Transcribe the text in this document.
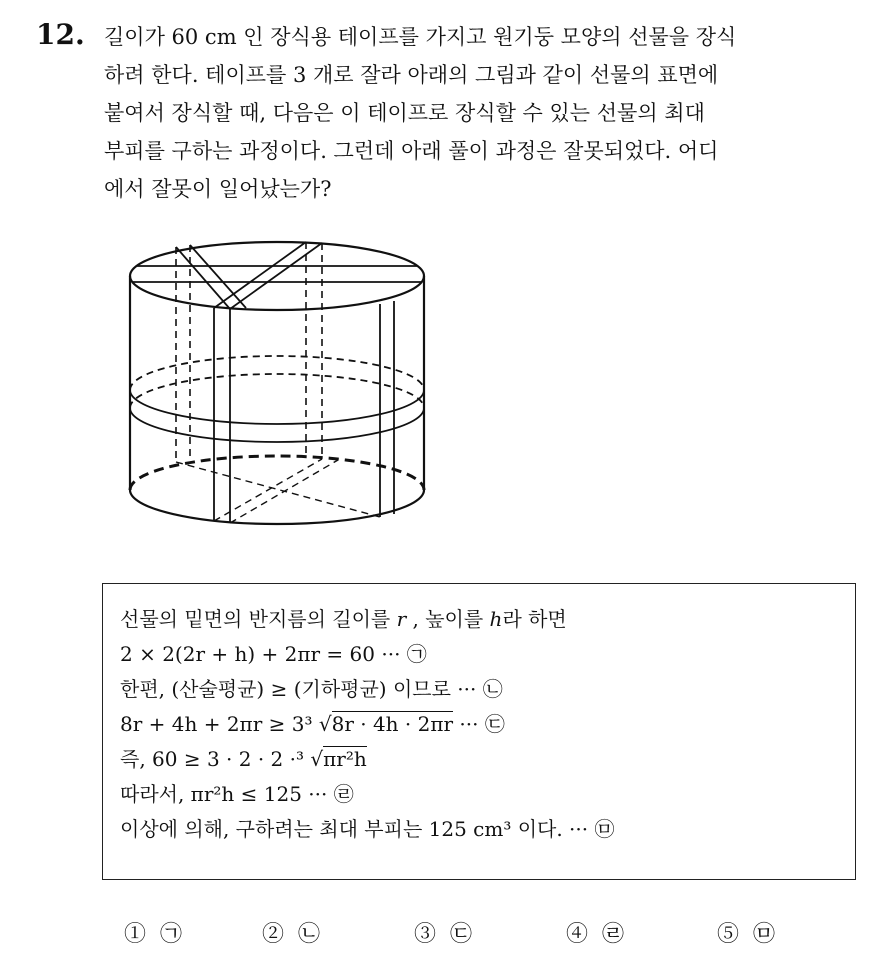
12. 길이가 60 cm 인 장식용 테이프를 가지고 원기둥 모양의 선물을 장식
하려 한다. 테이프를 3 개로 잘라 아래의 그림과 같이 선물의 표면에
붙여서 장식할 때, 다음은 이 테이프로 장식할 수 있는 선물의 최대
부피를 구하는 과정이다. 그런데 아래 풀이 과정은 잘못되었다. 어디
에서 잘못이 일어났는가?
선물의 밑면의 반지름의 길이를 r , 높이를 h라 하면
2 × 2(2r + h) + 2πr = 60 ··· ㉠
한편, (산술평균) ≥ (기하평균) 이므로 ··· ㉡
8r + 4h + 2πr ≥ 3³ √8r · 4h · 2πr ··· ㉢
즉, 60 ≥ 3 · 2 · 2 ·³ √πr²h
따라서, πr²h ≤ 125 ··· ㉣
이상에 의해, 구하려는 최대 부피는 125 cm³ 이다. ··· ㉤
① ㉠	② ㉡	③ ㉢	④ ㉣	⑤ ㉤
